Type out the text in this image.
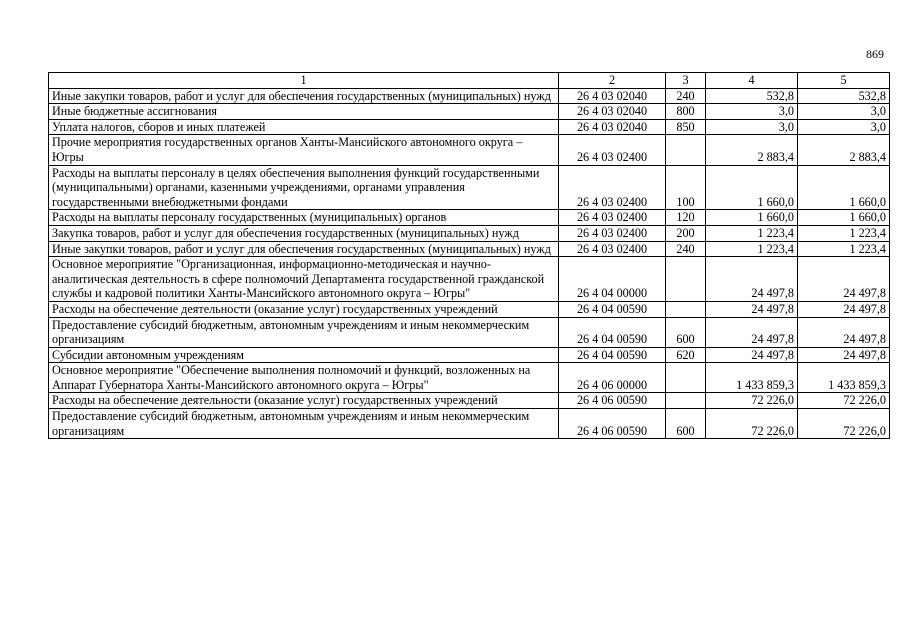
869
1	2	3	4	5
Иные закупки товаров, работ и услуг для обеспечения государственных (муниципальных) нужд	26 4 03 02040	240	532,8	532,8
Иные бюджетные ассигнования	26 4 03 02040	800	3,0	3,0
Уплата налогов, сборов и иных платежей	26 4 03 02040	850	3,0	3,0
Прочие мероприятия государственных органов Ханты-Мансийского автономного округа – Югры	26 4 03 02400		2 883,4	2 883,4
Расходы на выплаты персоналу в целях обеспечения выполнения функций государственными (муниципальными) органами, казенными учреждениями, органами управления государственными внебюджетными фондами	26 4 03 02400	100	1 660,0	1 660,0
Расходы на выплаты персоналу государственных (муниципальных) органов	26 4 03 02400	120	1 660,0	1 660,0
Закупка товаров, работ и услуг для обеспечения государственных (муниципальных) нужд	26 4 03 02400	200	1 223,4	1 223,4
Иные закупки товаров, работ и услуг для обеспечения государственных (муниципальных) нужд	26 4 03 02400	240	1 223,4	1 223,4
Основное мероприятие "Организационная, информационно-методическая и научно-аналитическая деятельность в сфере полномочий Департамента государственной гражданской службы и кадровой политики Ханты-Мансийского автономного округа – Югры"	26 4 04 00000		24 497,8	24 497,8
Расходы на обеспечение деятельности (оказание услуг) государственных учреждений	26 4 04 00590		24 497,8	24 497,8
Предоставление субсидий бюджетным, автономным учреждениям и иным некоммерческим организациям	26 4 04 00590	600	24 497,8	24 497,8
Субсидии автономным учреждениям	26 4 04 00590	620	24 497,8	24 497,8
Основное мероприятие "Обеспечение выполнения полномочий и функций, возложенных на Аппарат Губернатора Ханты-Мансийского автономного округа – Югры"	26 4 06 00000		1 433 859,3	1 433 859,3
Расходы на обеспечение деятельности (оказание услуг) государственных учреждений	26 4 06 00590		72 226,0	72 226,0
Предоставление субсидий бюджетным, автономным учреждениям и иным некоммерческим организациям	26 4 06 00590	600	72 226,0	72 226,0
